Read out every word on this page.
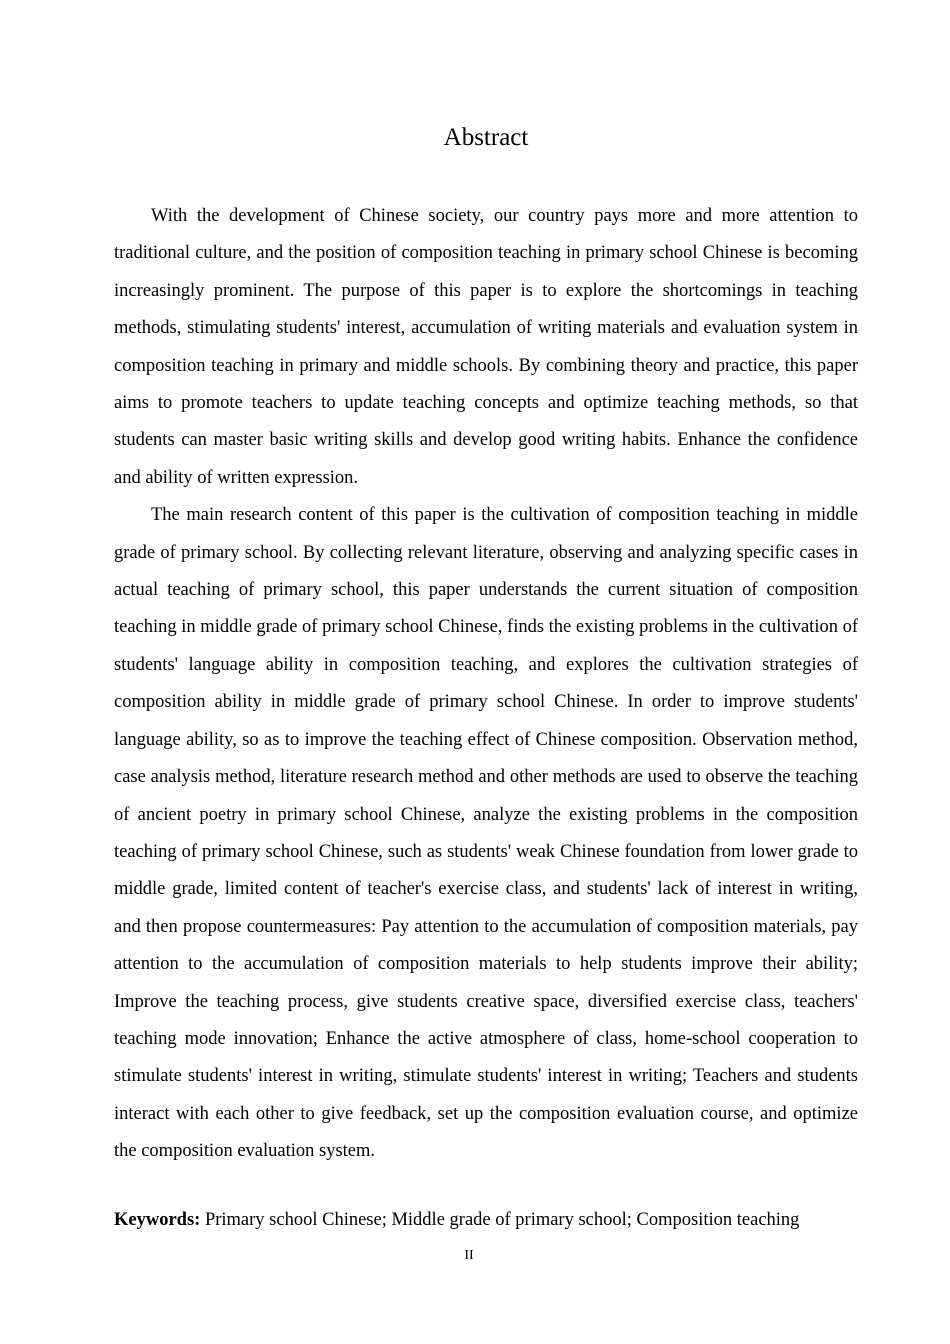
Abstract

With the development of Chinese society, our country pays more and more attention to traditional culture, and the position of composition teaching in primary school Chinese is becoming increasingly prominent. The purpose of this paper is to explore the shortcomings in teaching methods, stimulating students' interest, accumulation of writing materials and evaluation system in composition teaching in primary and middle schools. By combining theory and practice, this paper aims to promote teachers to update teaching concepts and optimize teaching methods, so that students can master basic writing skills and develop good writing habits. Enhance the confidence and ability of written expression.

The main research content of this paper is the cultivation of composition teaching in middle grade of primary school. By collecting relevant literature, observing and analyzing specific cases in actual teaching of primary school, this paper understands the current situation of composition teaching in middle grade of primary school Chinese, finds the existing problems in the cultivation of students' language ability in composition teaching, and explores the cultivation strategies of composition ability in middle grade of primary school Chinese. In order to improve students' language ability, so as to improve the teaching effect of Chinese composition. Observation method, case analysis method, literature research method and other methods are used to observe the teaching of ancient poetry in primary school Chinese, analyze the existing problems in the composition teaching of primary school Chinese, such as students' weak Chinese foundation from lower grade to middle grade, limited content of teacher's exercise class, and students' lack of interest in writing, and then propose countermeasures: Pay attention to the accumulation of composition materials, pay attention to the accumulation of composition materials to help students improve their ability; Improve the teaching process, give students creative space, diversified exercise class, teachers' teaching mode innovation; Enhance the active atmosphere of class, home-school cooperation to stimulate students' interest in writing, stimulate students' interest in writing; Teachers and students interact with each other to give feedback, set up the composition evaluation course, and optimize the composition evaluation system.

Keywords: Primary school Chinese; Middle grade of primary school; Composition teaching
II
